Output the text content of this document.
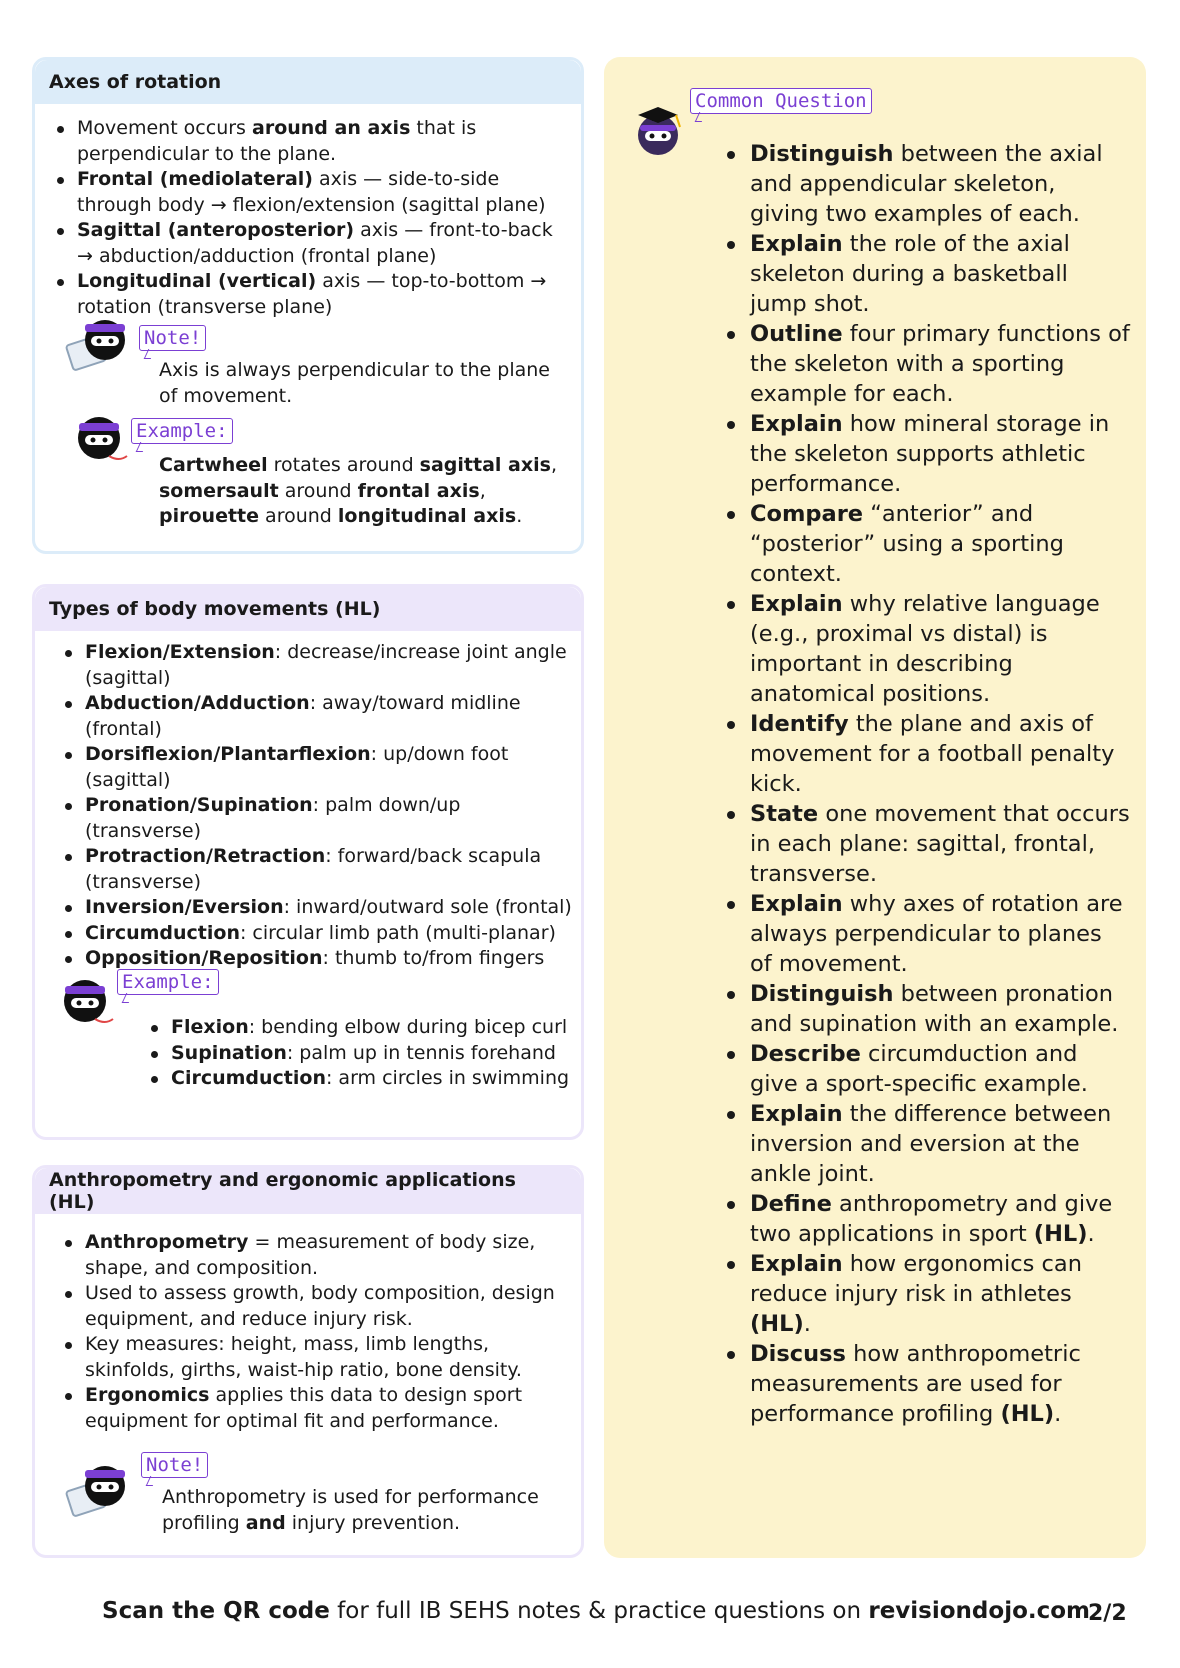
Axes of rotation
Movement occurs around an axis that is perpendicular to the plane.
Frontal (mediolateral) axis — side-to-side through body → flexion/extension (sagittal plane)
Sagittal (anteroposterior) axis — front-to-back → abduction/adduction (frontal plane)
Longitudinal (vertical) axis — top-to-bottom → rotation (transverse plane)
Note!
Axis is always perpendicular to the plane of movement.
Example:
Cartwheel rotates around sagittal axis, somersault around frontal axis, pirouette around longitudinal axis.
Types of body movements (HL)
Flexion/Extension: decrease/increase joint angle (sagittal)
Abduction/Adduction: away/toward midline (frontal)
Dorsiflexion/Plantarflexion: up/down foot (sagittal)
Pronation/Supination: palm down/up (transverse)
Protraction/Retraction: forward/back scapula (transverse)
Inversion/Eversion: inward/outward sole (frontal)
Circumduction: circular limb path (multi-planar)
Opposition/Reposition: thumb to/from fingers
Example:
Flexion: bending elbow during bicep curl
Supination: palm up in tennis forehand
Circumduction: arm circles in swimming
Anthropometry and ergonomic applications (HL)
Anthropometry = measurement of body size, shape, and composition.
Used to assess growth, body composition, design equipment, and reduce injury risk.
Key measures: height, mass, limb lengths, skinfolds, girths, waist-hip ratio, bone density.
Ergonomics applies this data to design sport equipment for optimal fit and performance.
Note!
Anthropometry is used for performance profiling and injury prevention.
Common Question
Distinguish between the axial and appendicular skeleton, giving two examples of each.
Explain the role of the axial skeleton during a basketball jump shot.
Outline four primary functions of the skeleton with a sporting example for each.
Explain how mineral storage in the skeleton supports athletic performance.
Compare “anterior” and “posterior” using a sporting context.
Explain why relative language (e.g., proximal vs distal) is important in describing anatomical positions.
Identify the plane and axis of movement for a football penalty kick.
State one movement that occurs in each plane: sagittal, frontal, transverse.
Explain why axes of rotation are always perpendicular to planes of movement.
Distinguish between pronation and supination with an example.
Describe circumduction and give a sport-specific example.
Explain the difference between inversion and eversion at the ankle joint.
Define anthropometry and give two applications in sport (HL).
Explain how ergonomics can reduce injury risk in athletes (HL).
Discuss how anthropometric measurements are used for performance profiling (HL).
Scan the QR code for full IB SEHS notes & practice questions on revisiondojo.com
2/2
